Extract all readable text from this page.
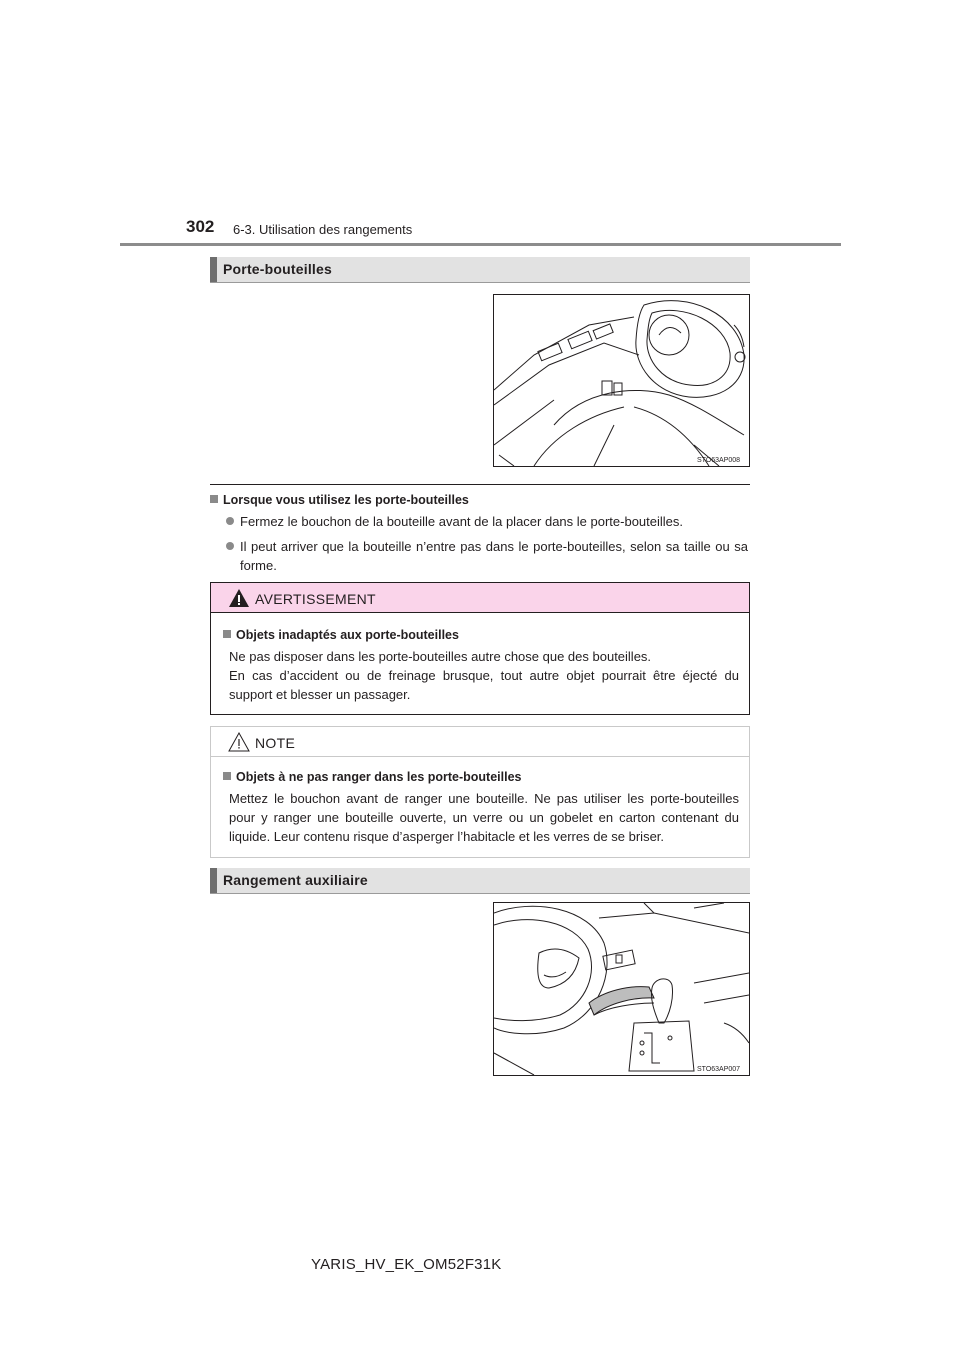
302 6-3. Utilisation des rangements
Porte-bouteilles
STO63AP008
Lorsque vous utilisez les porte-bouteilles
Fermez le bouchon de la bouteille avant de la placer dans le porte-bouteilles.
Il peut arriver que la bouteille n’entre pas dans le porte-bouteilles, selon sa taille ou sa forme.
AVERTISSEMENT
Objets inadaptés aux porte-bouteilles
Ne pas disposer dans les porte-bouteilles autre chose que des bouteilles.
En cas d’accident ou de freinage brusque, tout autre objet pourrait être éjecté du support et blesser un passager.
NOTE
Objets à ne pas ranger dans les porte-bouteilles
Mettez le bouchon avant de ranger une bouteille. Ne pas utiliser les porte-bouteilles pour y ranger une bouteille ouverte, un verre ou un gobelet en carton contenant du liquide. Leur contenu risque d’asperger l’habitacle et les verres de se briser.
Rangement auxiliaire
STO63AP007
YARIS_HV_EK_OM52F31K
